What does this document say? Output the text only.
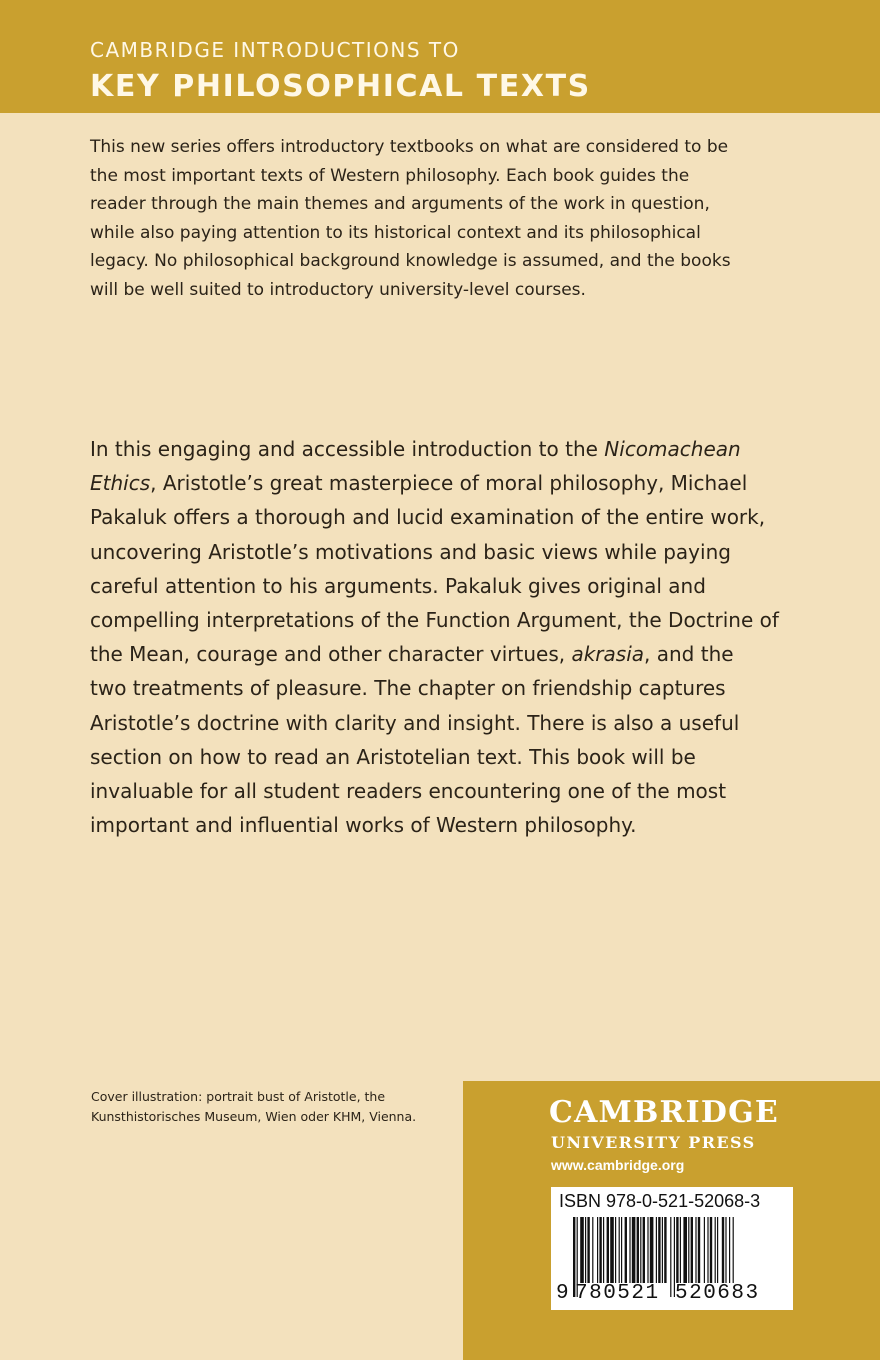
CAMBRIDGE INTRODUCTIONS TO
KEY PHILOSOPHICAL TEXTS

This new series offers introductory textbooks on what are considered to be
the most important texts of Western philosophy. Each book guides the
reader through the main themes and arguments of the work in question,
while also paying attention to its historical context and its philosophical
legacy. No philosophical background knowledge is assumed, and the books
will be well suited to introductory university-level courses.

In this engaging and accessible introduction to the Nicomachean
Ethics, Aristotle’s great masterpiece of moral philosophy, Michael
Pakaluk offers a thorough and lucid examination of the entire work,
uncovering Aristotle’s motivations and basic views while paying
careful attention to his arguments. Pakaluk gives original and
compelling interpretations of the Function Argument, the Doctrine of
the Mean, courage and other character virtues, akrasia, and the
two treatments of pleasure. The chapter on friendship captures
Aristotle’s doctrine with clarity and insight. There is also a useful
section on how to read an Aristotelian text. This book will be
invaluable for all student readers encountering one of the most
important and influential works of Western philosophy.

Cover illustration: portrait bust of Aristotle, the
Kunsthistorisches Museum, Wien oder KHM, Vienna.	CAMBRIDGE
UNIVERSITY PRESS
www.cambridge.org
ISBN 978-0-521-52068-3
9 780521 520683
